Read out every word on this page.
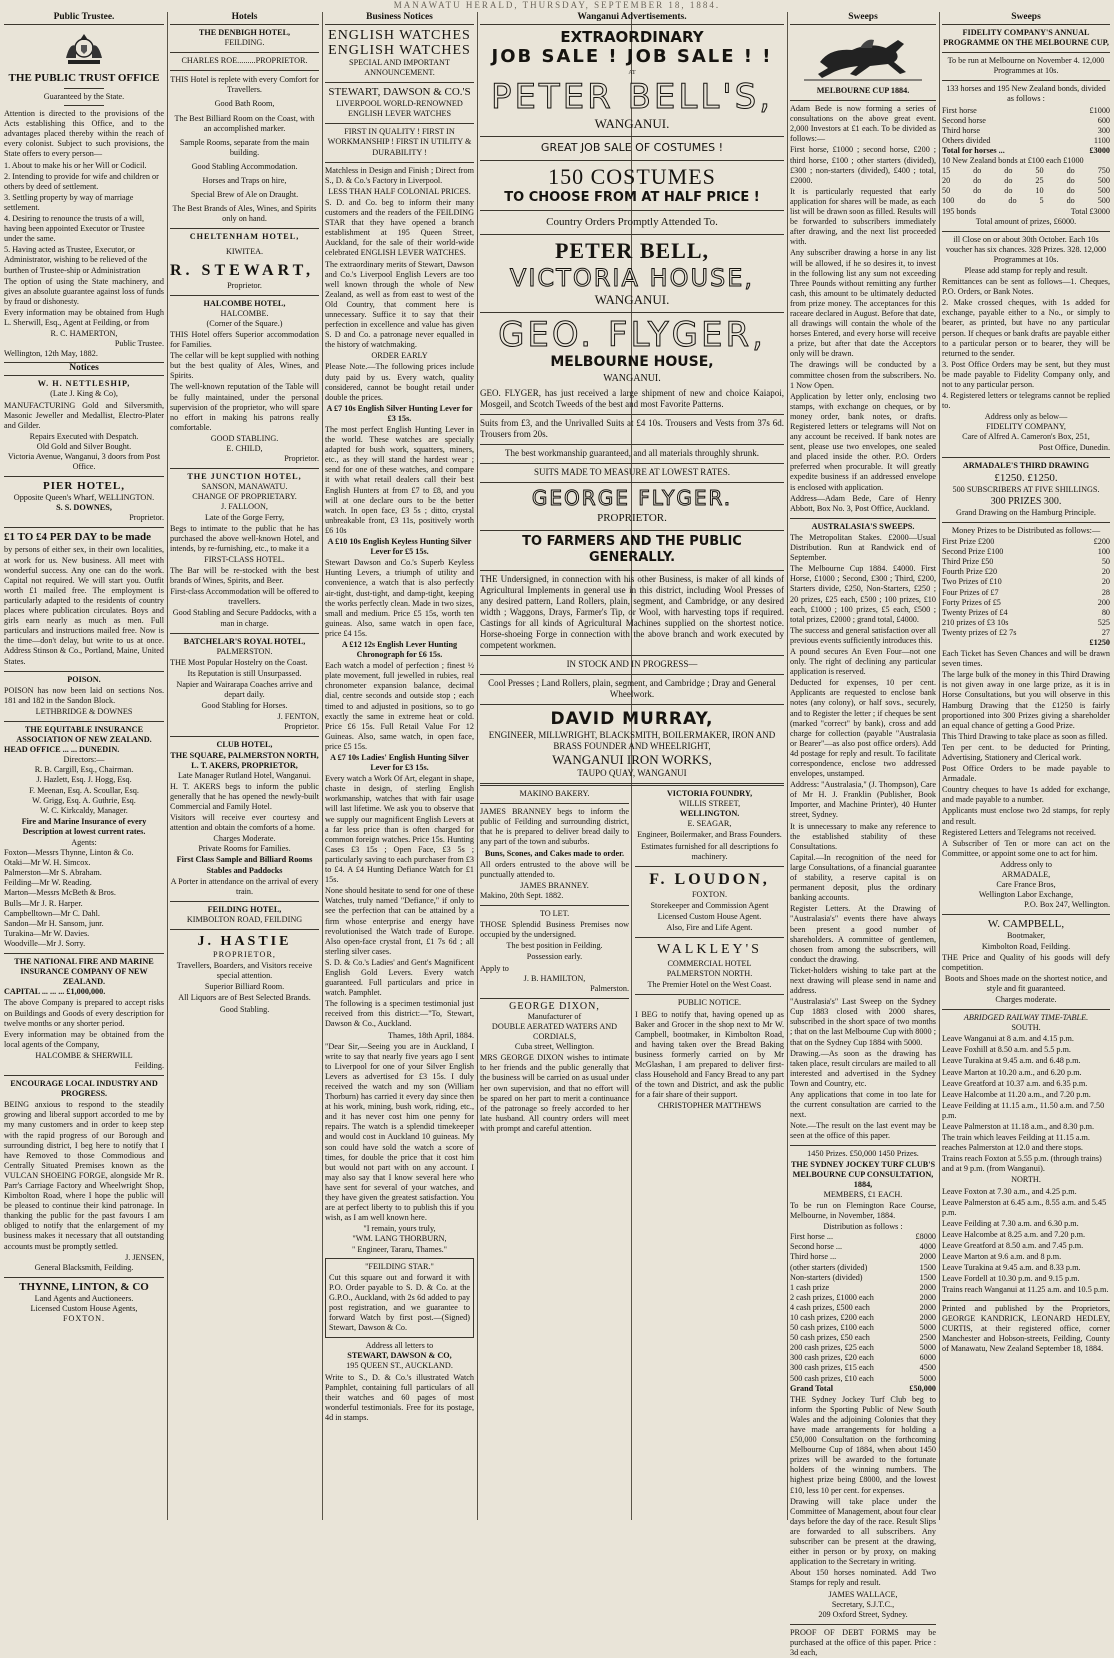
MANAWATU HERALD, THURSDAY, SEPTEMBER 18, 1884.
Public Trustee.
THE PUBLIC TRUST OFFICE
Guaranteed by the State.

Attention is directed to the provisions of the Acts establishing this Office, and to the advantages placed thereby within the reach of every colonist. Subject to such provisions, the State offers to every person—

1. About to make his or her Will or Codicil.

2. Intending to provide for wife and children or others by deed of settlement.

3. Settling property by way of marriage settlement.

4. Desiring to renounce the trusts of a will, having been appointed Executor or Trustee under the same.

5. Having acted as Trustee, Executor, or Administrator, wishing to be relieved of the burthen of Trustee-ship or Administration

The option of using the State machinery, and gives an absolute guarantee against loss of funds by fraud or dishonesty.

Every information may be obtained from Hugh L. Sherwill, Esq., Agent at Feilding, or from

R. C. HAMERTON,
Public Trustee.
Wellington, 12th May, 1882.
Notices
W. H. NETTLESHIP,
(Late J. King & Co),

MANUFACTURING Gold and Silversmith, Masonic Jeweller and Medallist, Electro-Plater and Gilder.

Repairs Executed with Despatch.
Old Gold and Silver Bought.
Victoria Avenue, Wanganui, 3 doors from Post Office.
PIER HOTEL,
Opposite Queen's Wharf, WELLINGTON.
S. S. DOWNES,
Proprietor.
£1 TO £4 PER DAY to be made

by persons of either sex, in their own localities, at work for us. New business. All meet with wonderful success. Any one can do the work. Capital not required. We will start you. Outfit worth £1 mailed free. The employment is particularly adapted to the residents of country places where publication circulates. Boys and girls earn nearly as much as men. Full particulars and instructions mailed free. Now is the time—don't delay, but write to us at once. Address Stinson & Co., Portland, Maine, United States.

POISON.

POISON has now been laid on sections Nos. 181 and 182 in the Sandon Block.

LETHBRIDGE & DOWNES
THE EQUITABLE INSURANCE ASSOCIATION OF NEW ZEALAND.
HEAD OFFICE ... ... DUNEDIN.
Directors:—
R. B. Cargill, Esq., Chairman.
J. Hazlett, Esq. J. Hogg, Esq.
F. Meenan, Esq. A. Scoullar, Esq.
W. Grigg, Esq. A. Guthrie, Esq.
W. C. Kirkcaldy, Manager.

Fire and Marine Insurance of every Description at lowest current rates.

Agents:
Foxton—Messrs Thynne, Linton & Co.
Otaki—Mr W. H. Simcox.
Palmerston—Mr S. Abraham.
Feilding—Mr W. Reading.
Marton—Messrs McBeth & Bros.
Bulls—Mr J. R. Harper.
Campbelltown—Mr C. Dahl.
Sandon—Mr H. Sansom, junr.
Turakina—Mr W. Davies.
Woodville—Mr J. Sorry.
THE NATIONAL FIRE AND MARINE INSURANCE COMPANY OF NEW ZEALAND.
CAPITAL ... ... ... £1,000,000.

The above Company is prepared to accept risks on Buildings and Goods of every description for twelve months or any shorter period.

Every information may be obtained from the local agents of the Company,

HALCOMBE & SHERWILL
Feilding.
ENCOURAGE LOCAL INDUSTRY AND PROGRESS.

BEING anxious to respond to the steadily growing and liberal support accorded to me by my many customers and in order to keep step with the rapid progress of our Borough and surrounding district, I beg here to notify that I have Removed to those Commodious and Centrally Situated Premises known as the VULCAN SHOEING FORGE, alongside Mr R. Parr's Carriage Factory and Wheelwright Shop, Kimbolton Road, where I hope the public will be pleased to continue their kind patronage. In thanking the public for the past favours I am obliged to notify that the enlargement of my business makes it necessary that all outstanding accounts must be promptly settled.

J. JENSEN,
General Blacksmith, Feilding.
THYNNE, LINTON, & CO
Land Agents and Auctioneers.
Licensed Custom House Agents,
FOXTON.
Hotels
THE DENBIGH HOTEL,
FEILDING.
CHARLES ROE.........PROPRIETOR.

THIS Hotel is replete with every Comfort for Travellers.

Good Bath Room,

The Best Billiard Room on the Coast, with an accomplished marker.

Sample Rooms, separate from the main building.

Good Stabling Accommodation.

Horses and Traps on hire,

Special Brew of Ale on Draught.

The Best Brands of Ales, Wines, and Spirits only on hand.

CHELTENHAM HOTEL,
KIWITEA.
R. STEWART,
Proprietor.
HALCOMBE HOTEL,
HALCOMBE.
(Corner of the Square.)

THIS Hotel offers Superior accommodation for Families.

The cellar will be kept supplied with nothing but the best quality of Ales, Wines, and Spirits.

The well-known reputation of the Table will be fully maintained, under the personal supervision of the proprietor, who will spare no effort in making his patrons really comfortable.

GOOD STABLING.
E. CHILD,
Proprietor.
THE JUNCTION HOTEL,
SANSON, MANAWATU.
CHANGE OF PROPRIETARY.
J. FALLOON,
Late of the Gorge Ferry,

Begs to intimate to the public that he has purchased the above well-known Hotel, and intends, by re-furnishing, etc., to make it a

FIRST-CLASS HOTEL.

The Bar will be re-stocked with the best brands of Wines, Spirits, and Beer.

First-class Accommodation will be offered to travellers.

Good Stabling and Secure Paddocks, with a man in charge.

BATCHELAR'S ROYAL HOTEL,
PALMERSTON.

THE Most Popular Hostelry on the Coast.

Its Reputation is still Unsurpassed.

Napier and Wairarapa Coaches arrive and depart daily.

Good Stabling for Horses.

J. FENTON,
Proprietor.
CLUB HOTEL,
THE SQUARE, PALMERSTON NORTH,
L. T. AKERS, PROPRIETOR,
Late Manager Rutland Hotel, Wanganui.

H. T. AKERS begs to inform the public generally that he has opened the newly-built Commercial and Family Hotel.

Visitors will receive ever courtesy and attention and obtain the comforts of a home.

Charges Moderate.
Private Rooms for Families.

First Class Sample and Billiard Rooms Stables and Paddocks

A Porter in attendance on the arrival of every train.

FEILDING HOTEL,
KIMBOLTON ROAD, FEILDING
J. HASTIE
PROPRIETOR,

Travellers, Boarders, and Visitors receive special attention.

Superior Billiard Room.

All Liquors are of Best Selected Brands.

Good Stabling.

Business Notices
ENGLISH WATCHES
ENGLISH WATCHES
SPECIAL AND IMPORTANT ANNOUNCEMENT.
STEWART, DAWSON & CO.'S
LIVERPOOL WORLD-RENOWNED ENGLISH LEVER WATCHES
FIRST IN QUALITY ! FIRST IN WORKMANSHIP ! FIRST IN UTILITY & DURABILITY !

Matchless in Design and Finish ; Direct from S., D. & Co.'s Factory in Liverpool.

LESS THAN HALF COLONIAL PRICES.

S. D. and Co. beg to inform their many customers and the readers of the FEILDING STAR that they have opened a branch establishment at 195 Queen Street, Auckland, for the sale of their world-wide celebrated ENGLISH LEVER WATCHES.

The extraordinary merits of Stewart, Dawson and Co.'s Liverpool English Levers are too well known through the whole of New Zealand, as well as from east to west of the Old Country, that comment here is unnecessary. Suffice it to say that their perfection in excellence and value has given S. D and Co. a patronage never equalled in the history of watchmaking.

ORDER EARLY

Please Note.—The following prices include duty paid by us. Every watch, quality considered, cannot be bought retail under double the prices.

A £7 10s English Silver Hunting Lever for £3 15s.

The most perfect English Hunting Lever in the world. These watches are specially adapted for bush work, squatters, miners, etc., as they will stand the hardest wear ; send for one of these watches, and compare it with what retail dealers call their best English Hunters at from £7 to £8, and you will at one declare ours to be the better watch. In open face, £3 5s ; ditto, crystal unbreakable front, £3 11s, positively worth £6 10s

A £10 10s English Keyless Hunting Silver Lever for £5 15s.

Stewart Dawson and Co.'s Superb Keyless Hunting Levers, a triumph of utility and convenience, a watch that is also perfectly air-tight, dust-tight, and damp-tight, keeping the works perfectly clean. Made in two sizes, small and medium. Price £5 15s, worth ten guineas. Also, same watch in open face, price £4 15s.

A £12 12s English Lever Hunting Chronograph for £6 15s.

Each watch a model of perfection ; finest ½ plate movement, full jewelled in rubies, real chronometer expansion balance, decimal dial, centre seconds and outside stop ; each timed to and adjusted in positions, so to go exactly the same in extreme heat or cold. Price £6 15s. Full Retail Value For 12 Guineas. Also, same watch, in open face, price £5 15s.

A £7 10s Ladies' English Hunting Silver Lever for £3 15s.

Every watch a Work Of Art, elegant in shape, chaste in design, of sterling English workmanship, watches that with fair usage will last lifetime. We ask you to observe that we supply our magnificent English Levers at a far less price than is often charged for common foreign watches. Price 15s. Hunting Cases £3 15s ; Open Face, £3 5s ; particularly saving to each purchaser from £3 to £4. A £4 Hunting Defiance Watch for £1 15s.

None should hesitate to send for one of these Watches, truly named "Defiance," if only to see the perfection that can be attained by a firm whose enterprise and energy have revolutionised the Watch trade of Europe. Also open-face crystal front, £1 7s 6d ; all sterling silver cases.

S. D. & Co.'s Ladies' and Gent's Magnificent English Gold Levers. Every watch guaranteed. Full particulars and price in watch. Pamphlet.

The following is a specimen testimonial just received from this district:—"To, Stewart, Dawson & Co., Auckland.

Thames, 18th April, 1884.

"Dear Sir,—Seeing you are in Auckland, I write to say that nearly five years ago I sent to Liverpool for one of your Silver English Levers as advertised for £3 15s. I duly received the watch and my son (William Thorburn) has carried it every day since then at his work, mining, bush work, riding, etc., and it has never cost him one penny for repairs. The watch is a splendid timekeeper and would cost in Auckland 10 guineas. My son could have sold the watch a score of times, for double the price that it cost him but would not part with on any account. I may also say that I know several here who have sent for several of your watches, and they have given the greatest satisfaction. You are at perfect liberty to to publish this if you wish, as I am well known here.

"I remain, yours truly,
"WM. LANG THORBURN,
" Engineer, Tararu, Thames."
"FEILDING STAR."

Cut this square out and forward it with P.O. Order payable to S. D. & Co. at the G.P.O., Auckland, with 2s 6d added to pay post registration, and we guarantee to forward Watch by first post.—(Signed) Stewart, Dawson & Co.

Address all letters to
STEWART, DAWSON & CO,
195 QUEEN ST., AUCKLAND.

Write to S., D. & Co.'s illustrated Watch Pamphlet, containing full particulars of all their watches and 60 pages of most wonderful testimonials. Free for its postage, 4d in stamps.

Wanganui Advertisements.
EXTRAORDINARY
JOB SALE ! JOB SALE ! !
AT
PETER BELL'S,
WANGANUI.
GREAT JOB SALE OF COSTUMES !
150 COSTUMES
TO CHOOSE FROM AT HALF PRICE !
Country Orders Promptly Attended To.
PETER BELL,
VICTORIA HOUSE,
WANGANUI.
GEO. FLYGER,
MELBOURNE HOUSE,
WANGANUI.

GEO. FLYGER, has just received a large shipment of new and choice Kaiapoi, Mosgeil, and Scotch Tweeds of the best and most Favorite Patterns.

Suits from £3, and the Unrivalled Suits at £4 10s. Trousers and Vests from 37s 6d. Trousers from 20s.

The best workmanship guaranteed, and all materials throughly shrunk.

SUITS MADE TO MEASURE AT LOWEST RATES.

GEORGE FLYGER.
PROPRIETOR.
TO FARMERS AND THE PUBLIC GENERALLY.

THE Undersigned, in connection with his other Business, is maker of all kinds of Agricultural Implements in general use in this district, including Wool Presses of any desired pattern, Land Rollers, plain, segment, and Cambridge, or any desired width ; Waggons, Drays, Farmer's Tip, or Wool, with harvesting tops if required. Castings for all kinds of Agricultural Machines supplied on the shortest notice. Horse-shoeing Forge in connection with the above branch and work executed by competent workmen.

IN STOCK AND IN PROGRESS—

Cool Presses ; Land Rollers, plain, segment, and Cambridge ; Dray and General Wheelwork.

DAVID MURRAY,
ENGINEER, MILLWRIGHT, BLACKSMITH, BOILERMAKER, IRON AND BRASS FOUNDER AND WHEELRIGHT,
WANGANUI IRON WORKS,
TAUPO QUAY, WANGANUI
MAKINO BAKERY.

JAMES BRANNEY begs to inform the public of Feilding and surrounding district, that he is prepared to deliver bread daily to any part of the town and suburbs.

Buns, Scones, and Cakes made to order.

All orders entrusted to the above will be punctually attended to.

JAMES BRANNEY.
Makino, 20th Sept. 1882.
TO LET.

THOSE Splendid Business Premises now occupied by the undersigned.

The best position in Feilding.

Possession early.

Apply to
J. B. HAMILTON,
Palmerston.
GEORGE DIXON,
Manufacturer of
DOUBLE AERATED WATERS AND CORDIALS,
Cuba street, Wellington.

MRS GEORGE DIXON wishes to intimate to her friends and the public generally that the business will be carried on as usual under her own supervision, and that no effort will be spared on her part to merit a continuance of the patronage so freely accorded to her late husband. All country orders will meet with prompt and careful attention.

VICTORIA FOUNDRY,
WILLIS STREET,
WELLINGTON.
E. SEAGAR,

Engineer, Boilermaker, and Brass Founders.

Estimates furnished for all descriptions fo machinery.

F. LOUDON,
FOXTON.

Storekeeper and Commission Agent

Licensed Custom House Agent.

Also, Fire and Life Agent.

WALKLEY'S
COMMERCIAL HOTEL
PALMERSTON NORTH.

The Premier Hotel on the West Coast.

PUBLIC NOTICE.

I BEG to notify that, having opened up as Baker and Grocer in the shop next to Mr W. Campbell, bootmaker, in Kimbolton Road, and having taken over the Bread Baking business formerly carried on by Mr McGlashan, I am prepared to deliver first-class Household and Fancy Bread to any part of the town and District, and ask the public for a fair share of their support.

CHRISTOPHER MATTHEWS
Sweeps
MELBOURNE CUP 1884.

Adam Bede is now forming a series of consultations on the above great event. 2,000 Investors at £1 each. To be divided as follows:—

First horse, £1000 ; second horse, £200 ; third horse, £100 ; other starters (divided), £300 ; non-starters (divided), £400 ; total, £2000.

It is particularly requested that early application for shares will be made, as each list will be drawn soon as filled. Results will be forwarded to subscribers immediately after drawing, and the next list proceeded with.

Any subscriber drawing a horse in any list will be allowed, if he so desires it, to invest in the following list any sum not exceeding Three Pounds without remitting any further cash, this amount to be ultimately deducted from prize money. The acceptances for this raceare declared in August. Before that date, all drawings will contain the whole of the horses Entered, and every horse will receive a prize, but after that date the Acceptors only will be drawn.

The drawings will be conducted by a committee chosen from the subscribers. No. 1 Now Open.

Application by letter only, enclosing two stamps, with exchange on cheques, or by money order, bank notes, or drafts. Registered letters or telegrams will Not on any account be received. If bank notes are sent, please use two envelopes, one sealed and placed inside the other. P.O. Orders preferred when procurable. It will greatly expedite business if an addressed envelope is enclosed with application.

Address—Adam Bede, Care of Henry Abbott, Box No. 3, Post Office, Auckland.

AUSTRALASIA'S SWEEPS.

The Metropolitan Stakes. £2000—Usual Distribution. Run at Randwick end of September.

The Melbourne Cup 1884. £4000. First Horse, £1000 ; Second, £300 ; Third, £200, Starters divide, £250, Non-Starters, £250 ; 20 prizes, £25 each, £500 ; 100 prizes, £10 each, £1000 ; 100 prizes, £5 each, £500 ; total prizes, £2000 ; grand total, £4000.

The success and general satisfaction over all previous events sufficiently introduces this.

A pound secures An Even Four—not one only. The right of declining any particular application is reserved.

Deducted for expenses, 10 per cent. Applicants are requested to enclose bank notes (any colony), or half sovs., securely, and to Register the letter ; if cheques be sent (marked "correct" by bank), cross and add charge for collection (payable "Australasia or Bearer"—as also post office orders). Add 4d postage for reply and result. To facilitate correspondence, enclose two addressed envelopes, unstamped.

Address: "Australasia," (J. Thompson), Care of Mr H. J. Franklin (Publisher, Book Importer, and Machine Printer), 40 Hunter street, Sydney.

It is unnecessary to make any reference to the established stability of these Consultations.

Capital.—In recognition of the need for large Consultations, of a financial guarantee of stability, a reserve capital is on permanent deposit, plus the ordinary banking accounts.

Register Letters. At the Drawing of "Australasia's" events there have always been present a good number of shareholders. A committee of gentlemen, chosen from among the subscribers, will conduct the drawing.

Ticket-holders wishing to take part at the next drawing will please send in name and address.

"Australasia's" Last Sweep on the Sydney Cup 1883 closed with 2000 shares, subscribed in the short space of two months ; that on the last Melbourne Cup with 8000 ; that on the Sydney Cup 1884 with 5000.

Drawing.—As soon as the drawing has taken place, result circulars are mailed to all interested and advertised in the Sydney Town and Country, etc.

Any applications that come in too late for the current consultation are carried to the next.

Note.—The result on the last event may be seen at the office of this paper.

1450 Prizes. £50,000 1450 Prizes.
THE SYDNEY JOCKEY TURF CLUB'S MELBOURNE CUP CONSULTATION, 1884,
MEMBERS, £1 EACH.

To be run on Flemington Race Course, Melbourne, in November, 1884.

Distribution as follows :
First horse ...	£8000
Second horse ...	4000
Third horse ...	2000
(other starters (divided)	1500
Non-starters (divided)	1500
1 cash prize	2000
2 cash prizes, £1000 each	2000
4 cash prizes, £500 each	2000
10 cash prizes, £200 each	2000
50 cash prizes, £100 each	5000
50 cash prizes, £50 each	2500
200 cash prizes, £25 each	5000
300 cash prizes, £20 each	6000
300 cash prizes, £15 each	4500
500 cash prizes, £10 each	5000
Grand Total	£50,000

THE Sydney Jockey Turf Club beg to inform the Sporting Public of New South Wales and the adjoining Colonies that they have made arrangements for holding a £50,000 Consultation on the forthcoming Melbourne Cup of 1884, when about 1450 prizes will be awarded to the fortunate holders of the winning numbers. The highest prize being £8000, and the lowest £10, less 10 per cent. for expenses.

Drawing will take place under the Committee of Management, about four clear days before the day of the race. Result Slips are forwarded to all subscribers. Any subscriber can be present at the drawing, either in person or by proxy, on making application to the Secretary in writing.

About 150 horses nominated. Add Two Stamps for reply and result.

JAMES WALLACE,
Secretary, S.J.T.C.,
209 Oxford Street, Sydney.

PROOF OF DEBT FORMS may be purchased at the office of this paper. Price : 3d each,

Sweeps
FIDELITY COMPANY'S ANNUAL PROGRAMME ON THE MELBOURNE CUP,

To be run at Melbourne on November 4. 12,000 Programmes at 10s.

133 horses and 195 New Zealand bonds, divided as follows :

First horse	£1000
Second horse	600
Third horse	300
Others divided	1100
Total for horses ...	£3000
10 New Zealand bonds at £100 each £1000
15	do	do	50	do	750
20	do	do	25	do	500
50	do	do	10	do	500
100	do	do	5	do	500
195 bonds	Total £3000
Total amount of prizes, £6000.

ill Close on or about 30th October. Each 10s voucher has six chances. 328 Prizes. 328. 12,000 Programmes at 10s.

Please add stamp for reply and result.

Remittances can be sent as follows—1. Cheques, P.O. Orders, or Bank Notes.

2. Make crossed cheques, with 1s added for exchange, payable either to a No., or simply to bearer, as printed, but have no any particular person. If cheques or bank drafts are payable either to a particular person or to bearer, they will be returned to the sender.

3. Post Office Orders may be sent, but they must be made payable to Fidelity Company only, and not to any particular person.

4. Registered letters or telegrams cannot be replied to.

Address only as below—
FIDELITY COMPANY,
Care of Alfred A. Cameron's Box, 251,
Post Office, Dunedin.
ARMADALE'S THIRD DRAWING
£1250. £1250.
500 SUBSCRIBERS AT FIVE SHILLINGS.
300 PRIZES 300.
Grand Drawing on the Hamburg Principle.

Money Prizes to be Distributed as follows:—

First Prize £200	£200
Second Prize £100	100
Third Prize £50	50
Fourth Prize £20	20
Two Prizes of £10	20
Four Prizes of £7	28
Forty Prizes of £5	200
Twenty Prizes of £4	80
210 prizes of £3 10s	525
Twenty prizes of £2 7s	27
£1250

Each Ticket has Seven Chances and will be drawn seven times.

The large bulk of the money in this Third Drawing is not given away in one large prize, as it is in Horse Consultations, but you will observe in this Hamburg Drawing that the £1250 is fairly proportioned into 300 Prizes giving a shareholder an equal chance of getting a Good Prize.

This Third Drawing to take place as soon as filled.

Ten per cent. to be deducted for Printing, Advertising, Stationery and Clerical work.

Post Office Orders to be made payable to Armadale.

Country cheques to have 1s added for exchange, and made payable to a number.

Applicants must enclose two 2d stamps, for reply and result.

Registered Letters and Telegrams not received.

A Subscriber of Ten or more can act on the Committee, or appoint some one to act for him.

Address only to
ARMADALE,
Care France Bros,
Wellington Labor Exchange,
P.O. Box 247, Wellington.
W. CAMPBELL,
Bootmaker,
Kimbolton Road, Feilding.

THE Price and Quality of his goods will defy competition.

Boots and Shoes made on the shortest notice, and style and fit guaranteed.

Charges moderate.
ABRIDGED RAILWAY TIME-TABLE.
SOUTH.

Leave Wanganui at 8 a.m. and 4.15 p.m.

Leave Foxhill at 8.50 a.m. and 5.5 p.m.

Leave Turakina at 9.45 a.m. and 6.48 p.m.

Leave Marton at 10.20 a.m., and 6.20 p.m.

Leave Greatford at 10.37 a.m. and 6.35 p.m.

Leave Halcombe at 11.20 a.m., and 7.20 p.m.

Leave Feilding at 11.15 a.m., 11.50 a.m. and 7.50 p.m.

Leave Palmerston at 11.18 a.m., and 8.30 p.m.

The train which leaves Feilding at 11.15 a.m. reaches Palmerston at 12.0 and there stops.

Trains reach Foxton at 5.55 p.m. (through trains) and at 9 p.m. (from Wanganui).

NORTH.

Leave Foxton at 7.30 a.m., and 4.25 p.m.

Leave Palmerston at 6.45 a.m., 8.55 a.m. and 5.45 p.m.

Leave Feilding at 7.30 a.m. and 6.30 p.m.

Leave Halcombe at 8.25 a.m. and 7.20 p.m.

Leave Greatford at 8.50 a.m. and 7.45 p.m.

Leave Marton at 9.6 a.m. and 8 p.m.

Leave Turakina at 9.45 a.m. and 8.33 p.m.

Leave Fordell at 10.30 p.m. and 9.15 p.m.

Trains reach Wanganui at 11.25 a.m. and 10.5 p.m.

Printed and published by the Proprietors, GEORGE KANDRICK, LEONARD HEDLEY, CURTIS, at their registered office, corner Manchester and Hobson-streets, Feilding, County of Manawatu, New Zealand September 18, 1884.
